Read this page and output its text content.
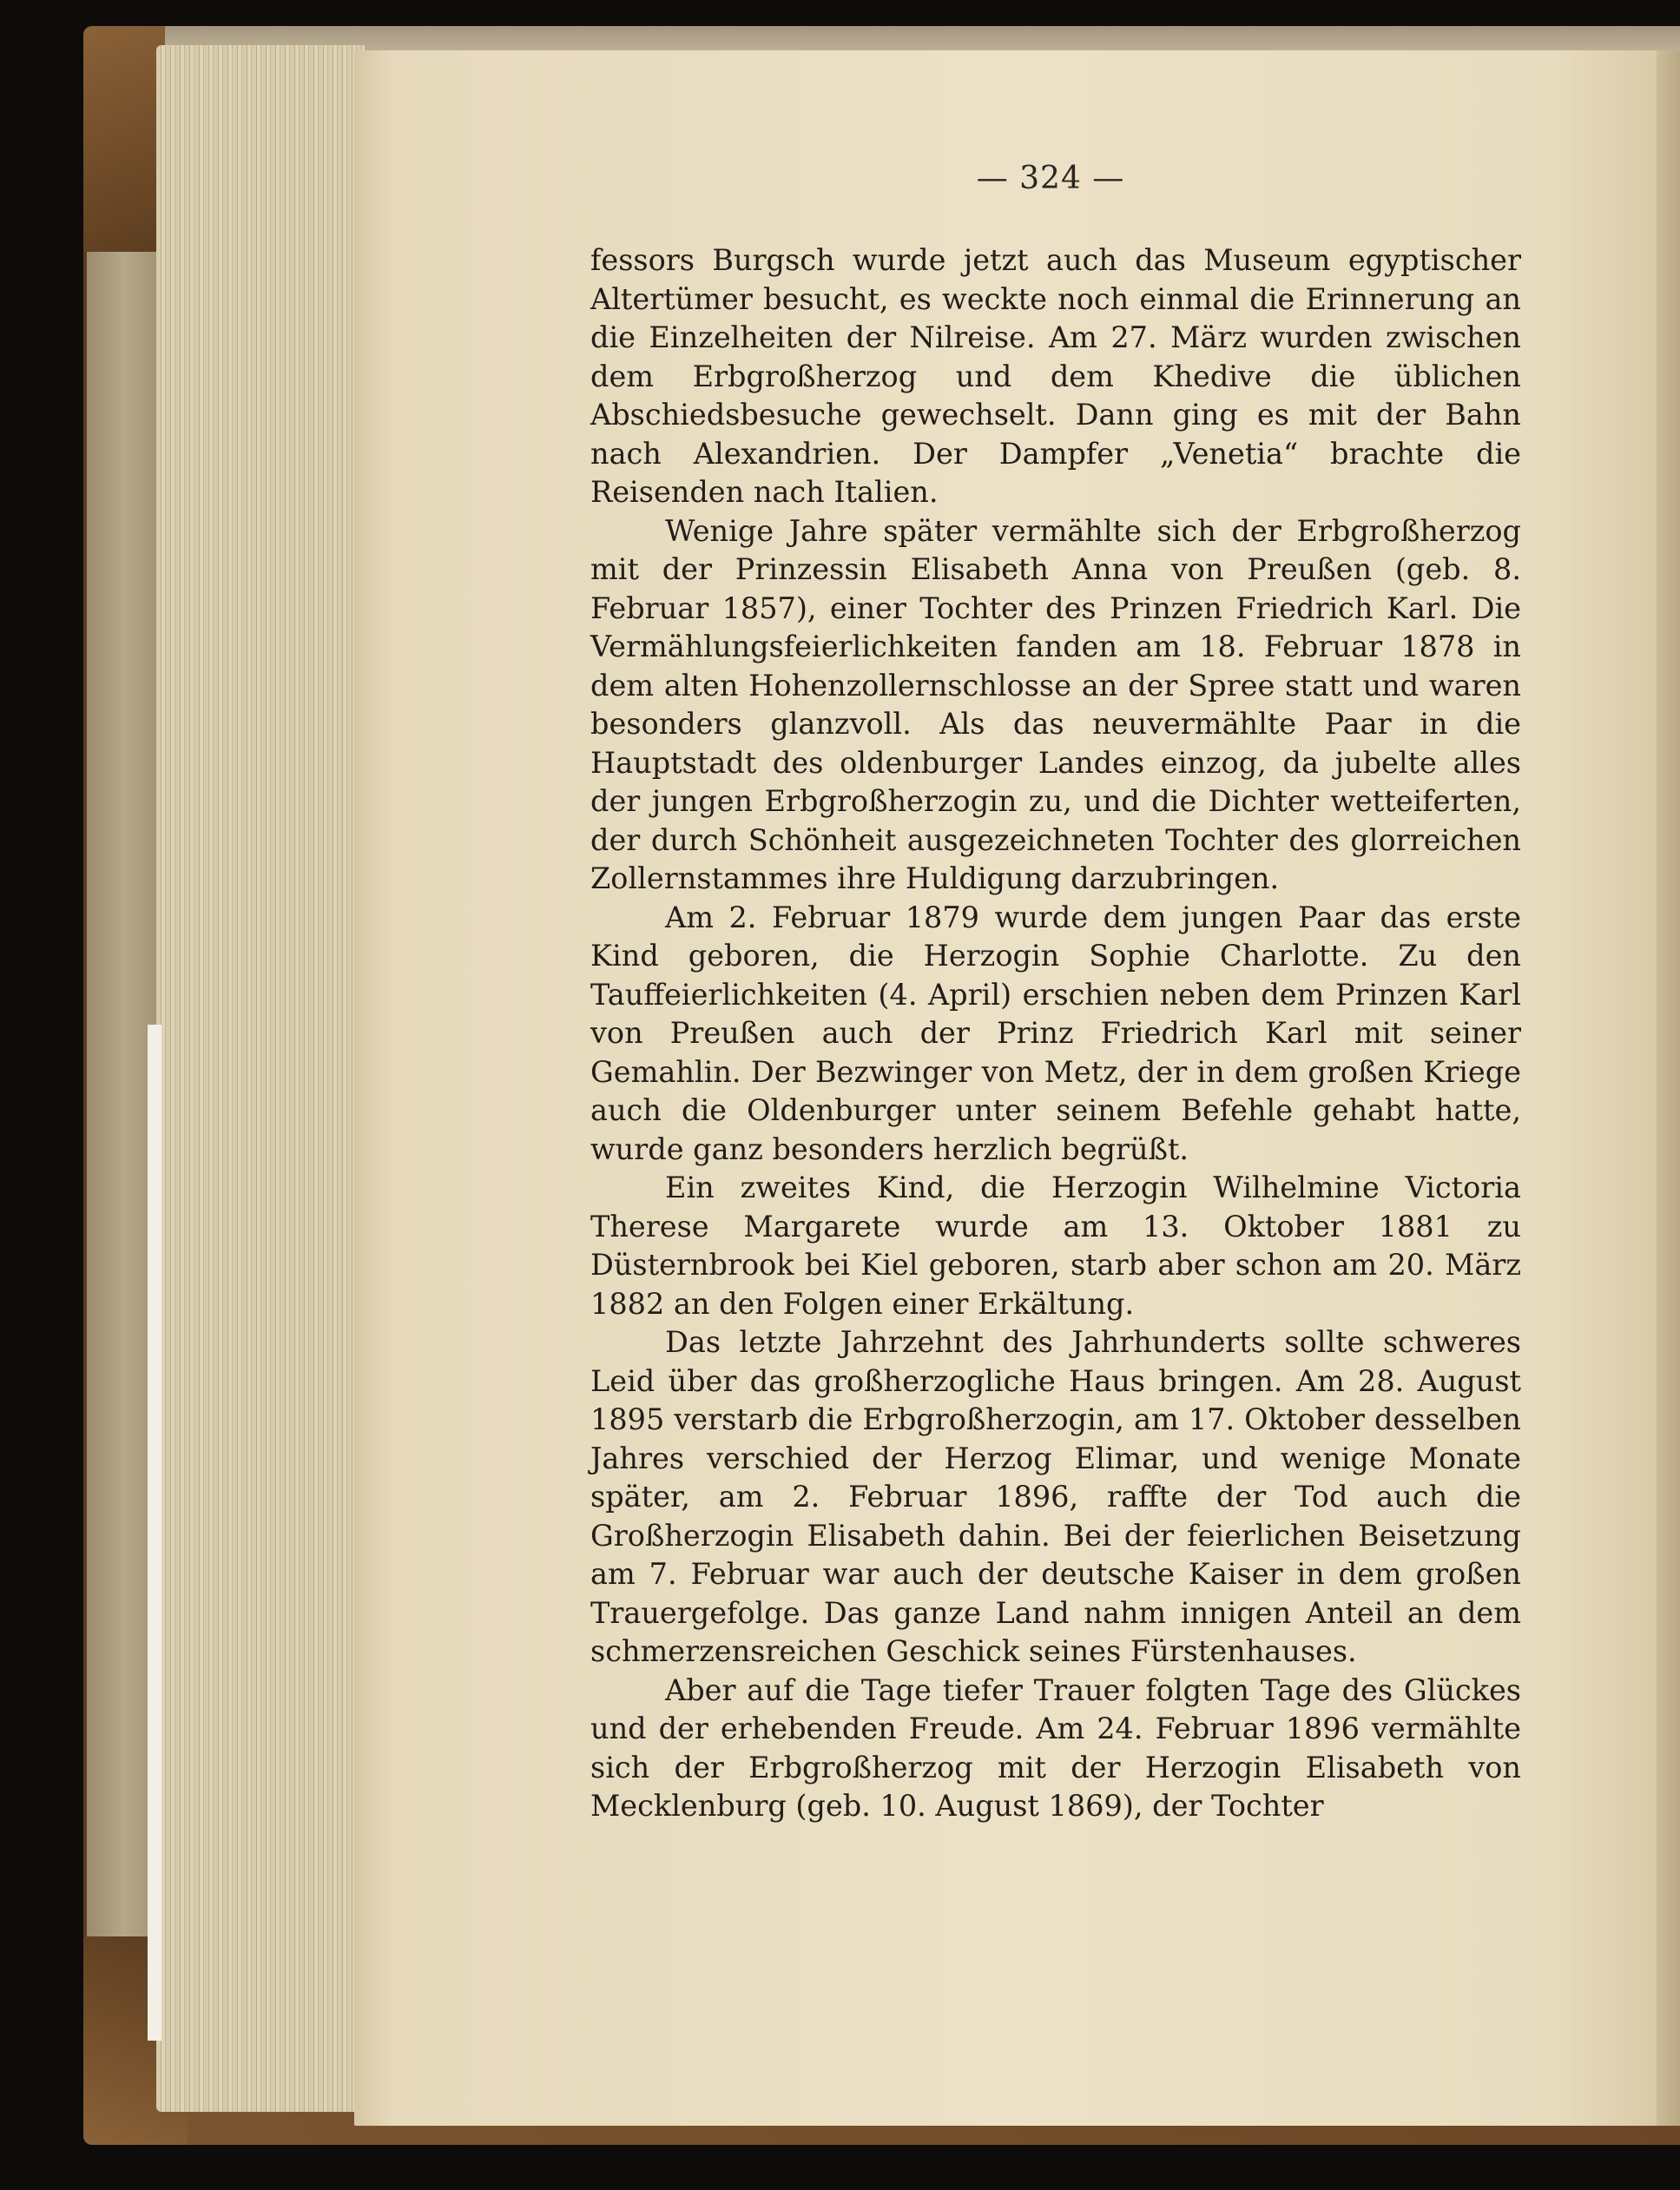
— 324 —

fessors Burgsch wurde jetzt auch das Museum egyptischer Altertümer besucht, es weckte noch einmal die Erinnerung an die Einzelheiten der Nilreise. Am 27. März wurden zwischen dem Erbgroßherzog und dem Khedive die üblichen Abschiedsbesuche gewechselt. Dann ging es mit der Bahn nach Alexandrien. Der Dampfer „Venetia“ brachte die Reisenden nach Italien.

Wenige Jahre später vermählte sich der Erbgroßherzog mit der Prinzessin Elisabeth Anna von Preußen (geb. 8. Februar 1857), einer Tochter des Prinzen Friedrich Karl. Die Vermählungsfeierlichkeiten fanden am 18. Februar 1878 in dem alten Hohenzollernschlosse an der Spree statt und waren besonders glanzvoll. Als das neuvermählte Paar in die Hauptstadt des oldenburger Landes einzog, da jubelte alles der jungen Erbgroßherzogin zu, und die Dichter wetteiferten, der durch Schönheit ausgezeichneten Tochter des glorreichen Zollernstammes ihre Huldigung darzubringen.

Am 2. Februar 1879 wurde dem jungen Paar das erste Kind geboren, die Herzogin Sophie Charlotte. Zu den Tauffeierlichkeiten (4. April) erschien neben dem Prinzen Karl von Preußen auch der Prinz Friedrich Karl mit seiner Gemahlin. Der Bezwinger von Metz, der in dem großen Kriege auch die Oldenburger unter seinem Befehle gehabt hatte, wurde ganz besonders herzlich begrüßt.

Ein zweites Kind, die Herzogin Wilhelmine Victoria Therese Margarete wurde am 13. Oktober 1881 zu Düsternbrook bei Kiel geboren, starb aber schon am 20. März 1882 an den Folgen einer Erkältung.

Das letzte Jahrzehnt des Jahrhunderts sollte schweres Leid über das großherzogliche Haus bringen. Am 28. August 1895 verstarb die Erbgroßherzogin, am 17. Oktober desselben Jahres verschied der Herzog Elimar, und wenige Monate später, am 2. Februar 1896, raffte der Tod auch die Großherzogin Elisabeth dahin. Bei der feierlichen Beisetzung am 7. Februar war auch der deutsche Kaiser in dem großen Trauergefolge. Das ganze Land nahm innigen Anteil an dem schmerzensreichen Geschick seines Fürstenhauses.

Aber auf die Tage tiefer Trauer folgten Tage des Glückes und der erhebenden Freude. Am 24. Februar 1896 vermählte sich der Erbgroßherzog mit der Herzogin Elisabeth von Mecklenburg (geb. 10. August 1869), der Tochter
